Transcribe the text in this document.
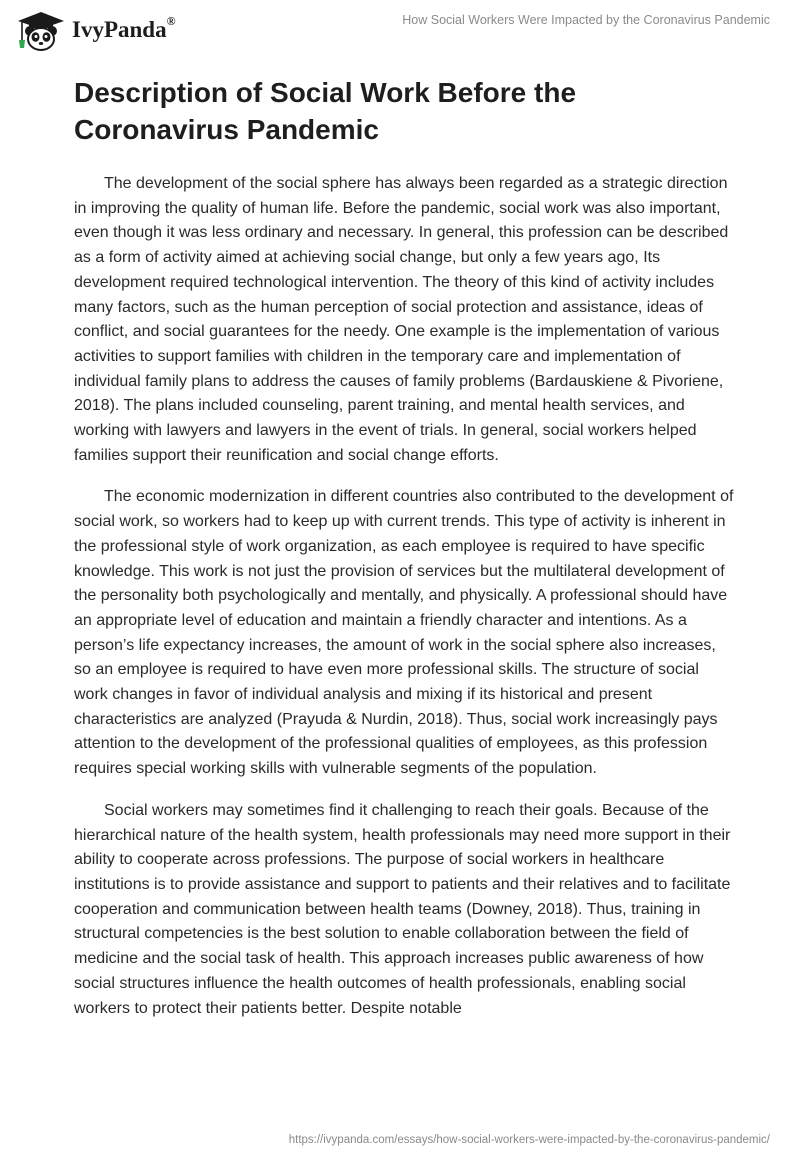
IvyPanda®	How Social Workers Were Impacted by the Coronavirus Pandemic
Description of Social Work Before the Coronavirus Pandemic

The development of the social sphere has always been regarded as a strategic direction in improving the quality of human life. Before the pandemic, social work was also important, even though it was less ordinary and necessary. In general, this profession can be described as a form of activity aimed at achieving social change, but only a few years ago, Its development required technological intervention. The theory of this kind of activity includes many factors, such as the human perception of social protection and assistance, ideas of conflict, and social guarantees for the needy. One example is the implementation of various activities to support families with children in the temporary care and implementation of individual family plans to address the causes of family problems (Bardauskiene & Pivoriene, 2018). The plans included counseling, parent training, and mental health services, and working with lawyers and lawyers in the event of trials. In general, social workers helped families support their reunification and social change efforts.

The economic modernization in different countries also contributed to the development of social work, so workers had to keep up with current trends. This type of activity is inherent in the professional style of work organization, as each employee is required to have specific knowledge. This work is not just the provision of services but the multilateral development of the personality both psychologically and mentally, and physically. A professional should have an appropriate level of education and maintain a friendly character and intentions. As a person’s life expectancy increases, the amount of work in the social sphere also increases, so an employee is required to have even more professional skills. The structure of social work changes in favor of individual analysis and mixing if its historical and present characteristics are analyzed (Prayuda & Nurdin, 2018). Thus, social work increasingly pays attention to the development of the professional qualities of employees, as this profession requires special working skills with vulnerable segments of the population.

Social workers may sometimes find it challenging to reach their goals. Because of the hierarchical nature of the health system, health professionals may need more support in their ability to cooperate across professions. The purpose of social workers in healthcare institutions is to provide assistance and support to patients and their relatives and to facilitate cooperation and communication between health teams (Downey, 2018). Thus, training in structural competencies is the best solution to enable collaboration between the field of medicine and the social task of health. This approach increases public awareness of how social structures influence the health outcomes of health professionals, enabling social workers to protect their patients better. Despite notable

https://ivypanda.com/essays/how-social-workers-were-impacted-by-the-coronavirus-pandemic/
